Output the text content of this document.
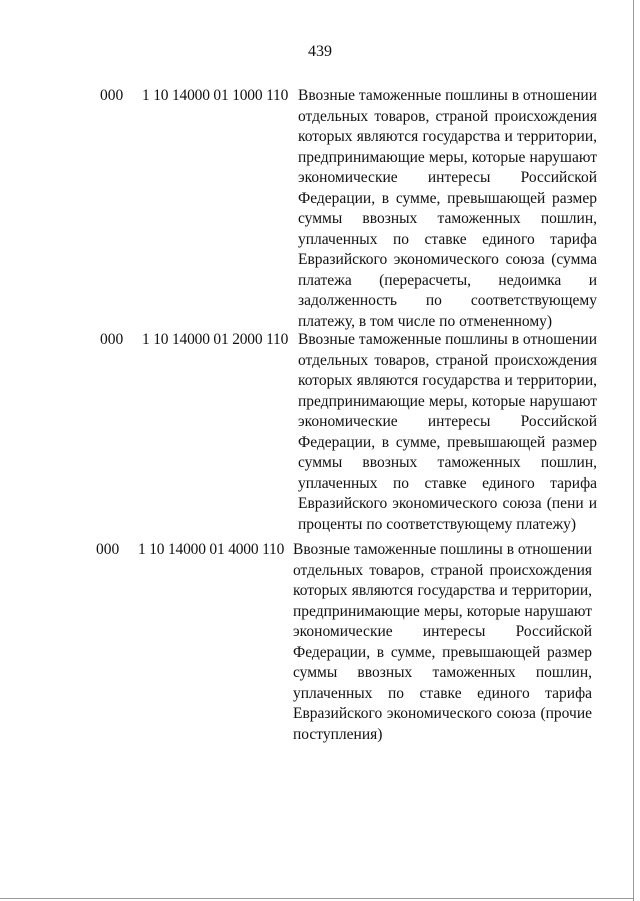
439
000 1 10 14000 01 1000 110 Ввозные таможенные пошлины в отношении отдельных товаров, страной происхождения которых являются государства и территории, предпринимающие меры, которые нарушают экономические интересы Российской Федерации, в сумме, превышающей размер суммы ввозных таможенных пошлин, уплаченных по ставке единого тарифа Евразийского экономического союза (сумма платежа (перерасчеты, недоимка и задолженность по соответствующему платежу, в том числе по отмененному)
000 1 10 14000 01 2000 110 Ввозные таможенные пошлины в отношении отдельных товаров, страной происхождения которых являются государства и территории, предпринимающие меры, которые нарушают экономические интересы Российской Федерации, в сумме, превышающей размер суммы ввозных таможенных пошлин, уплаченных по ставке единого тарифа Евразийского экономического союза (пени и проценты по соответствующему платежу)
000 1 10 14000 01 4000 110 Ввозные таможенные пошлины в отношении отдельных товаров, страной происхождения которых являются государства и территории, предпринимающие меры, которые нарушают экономические интересы Российской Федерации, в сумме, превышающей размер суммы ввозных таможенных пошлин, уплаченных по ставке единого тарифа Евразийского экономического союза (прочие поступления)
